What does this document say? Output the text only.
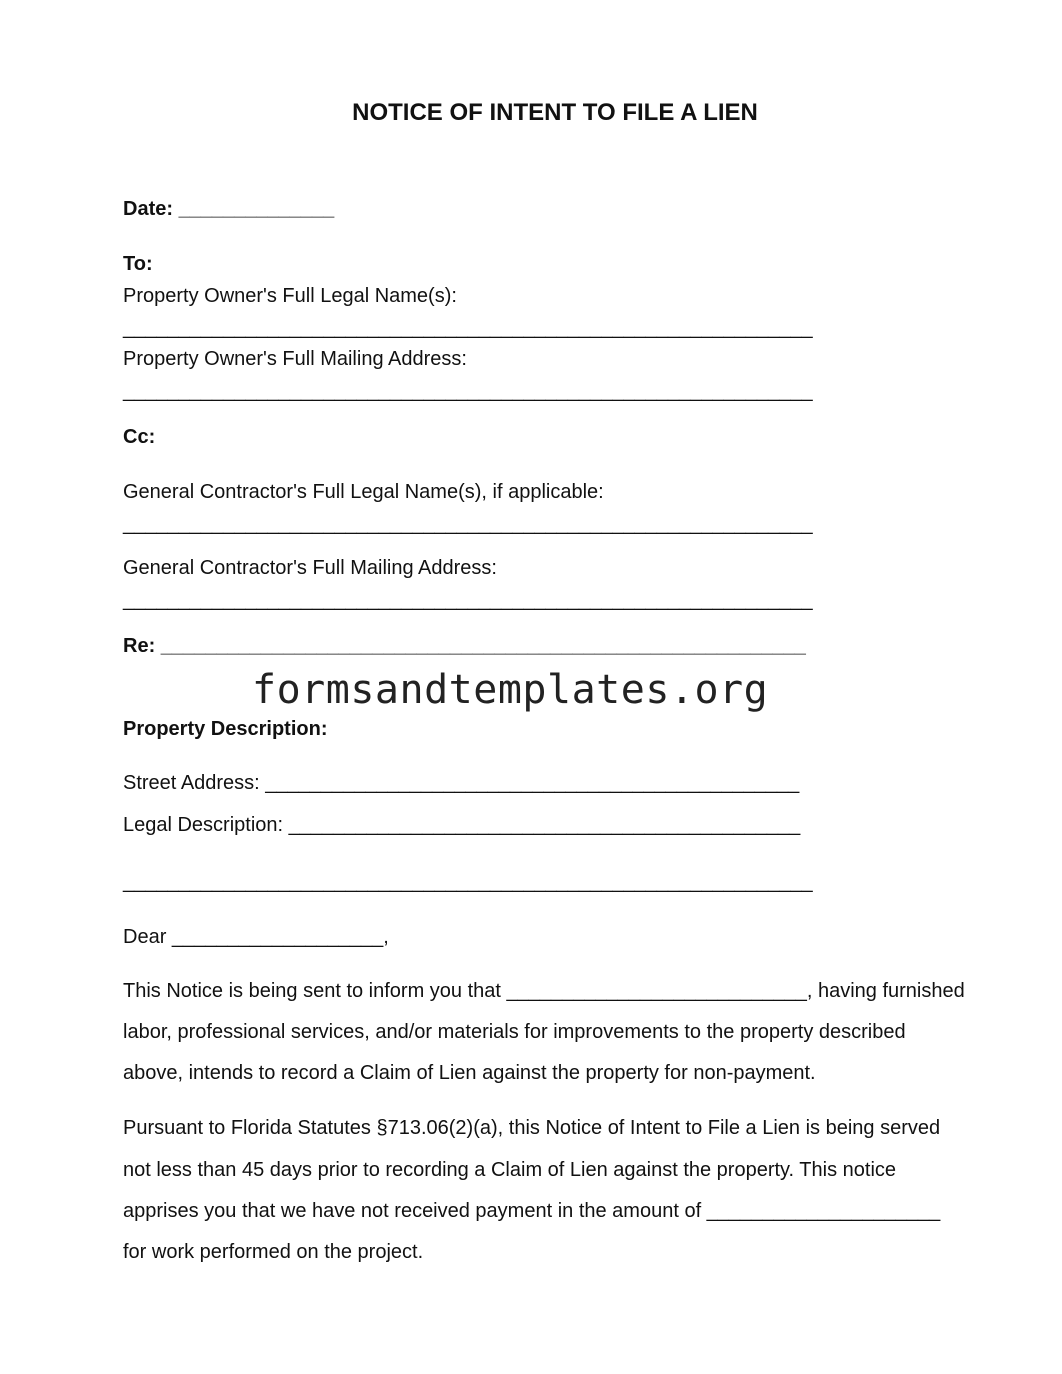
NOTICE OF INTENT TO FILE A LIEN
Date: ______________
To:
Property Owner's Full Legal Name(s):
______________________________________________________________
Property Owner's Full Mailing Address:
______________________________________________________________
Cc:
General Contractor's Full Legal Name(s), if applicable:
______________________________________________________________
General Contractor's Full Mailing Address:
______________________________________________________________
Re: __________________________________________________________
formsandtemplates.org
Property Description:
Street Address: ________________________________________________
Legal Description: ______________________________________________
______________________________________________________________
Dear ___________________,
This Notice is being sent to inform you that ___________________________, having furnished
labor, professional services, and/or materials for improvements to the property described
above, intends to record a Claim of Lien against the property for non-payment.
Pursuant to Florida Statutes §713.06(2)(a), this Notice of Intent to File a Lien is being served
not less than 45 days prior to recording a Claim of Lien against the property. This notice
apprises you that we have not received payment in the amount of _____________________
for work performed on the project.
